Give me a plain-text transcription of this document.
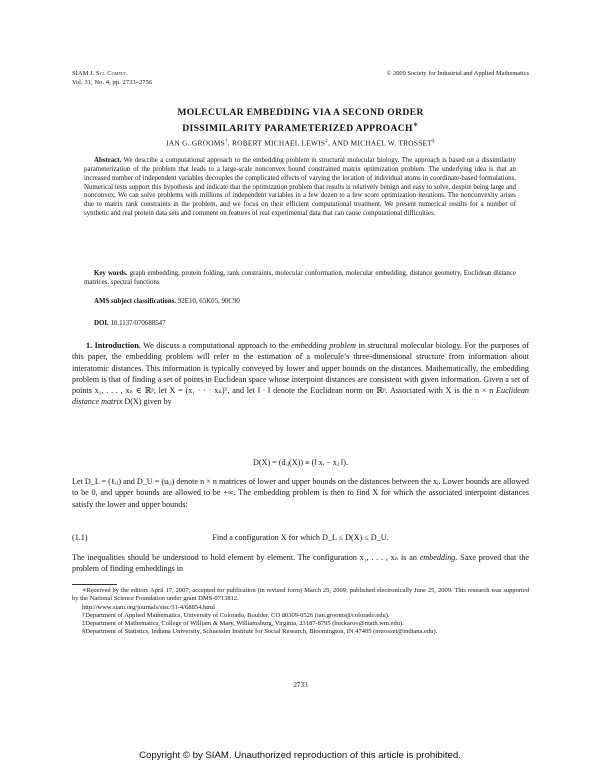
SIAM J. Sci. Comput.
Vol. 31, No. 4, pp. 2733–2756
© 2009 Society for Industrial and Applied Mathematics
MOLECULAR EMBEDDING VIA A SECOND ORDER
DISSIMILARITY PARAMETERIZED APPROACH∗
IAN G. GROOMS†, ROBERT MICHAEL LEWIS‡, AND MICHAEL W. TROSSET§
Abstract. We describe a computational approach to the embedding problem in structural molecular biology. The approach is based on a dissimilarity parameterization of the problem that leads to a large-scale nonconvex bound constrained matrix optimization problem. The underlying idea is that an increased number of independent variables decouples the complicated effects of varying the location of individual atoms in coordinate-based formulations. Numerical tests support this hypothesis and indicate that the optimization problem that results is relatively benign and easy to solve, despite being large and nonconvex. We can solve problems with millions of independent variables in a few dozen to a few score optimization iterations. The nonconvexity arises due to matrix rank constraints in the problem, and we focus on their efficient computational treatment. We present numerical results for a number of synthetic and real protein data sets and comment on features of real experimental data that can cause computational difficulties.
Key words. graph embedding, protein folding, rank constraints, molecular conformation, molecular embedding, distance geometry, Euclidean distance matrices, spectral functions
AMS subject classifications. 92E10, 65K05, 90C90
DOI. 10.1137/070688547
1. Introduction. We discuss a computational approach to the embedding problem in structural molecular biology. For the purposes of this paper, the embedding problem will refer to the estimation of a molecule’s three-dimensional structure from information about interatomic distances. This information is typically conveyed by lower and upper bounds on the distances. Mathematically, the embedding problem is that of finding a set of points in Euclidean space whose interpoint distances are consistent with given information. Given a set of points x₁, . . . , xₙ ∈ ℝᵖ, let X = (x₁ · · · xₙ)ᵀ, and let ‖ · ‖ denote the Euclidean norm on ℝᵖ. Associated with X is the n × n Euclidean distance matrix D(X) given by
D(X) = (dᵢⱼ(X)) ≡ (‖ xᵢ − xⱼ ‖).
Let D_L = (ℓᵢⱼ) and D_U = (uᵢⱼ) denote n × n matrices of lower and upper bounds on the distances between the xᵢ. Lower bounds are allowed to be 0, and upper bounds are allowed to be +∞. The embedding problem is then to find X for which the associated interpoint distances satisfy the lower and upper bounds:
(1.1)	Find a configuration X for which D_L ≤ D(X) ≤ D_U.
The inequalities should be understood to hold element by element. The configuration x₁, . . . , xₙ is an embedding. Saxe proved that the problem of finding embeddings in

∗Received by the editors April 17, 2007; accepted for publication (in revised form) March 25, 2009; published electronically June 25, 2009. This research was supported by the National Science Foundation under grant DMS-0713812.

http://www.siam.org/journals/sisc/31-4/68854.html

†Department of Applied Mathematics, University of Colorado, Boulder, CO 80309-0526 (ian.grooms@colorado.edu).

‡Department of Mathematics, College of William & Mary, Williamsburg, Virginia, 23187-8795 (buckaroo@math.wm.edu).

§Department of Statistics, Indiana University, Schuessler Institute for Social Research, Bloomington, IN 47405 (mtrosset@indiana.edu).

2733
Copyright © by SIAM. Unauthorized reproduction of this article is prohibited.
